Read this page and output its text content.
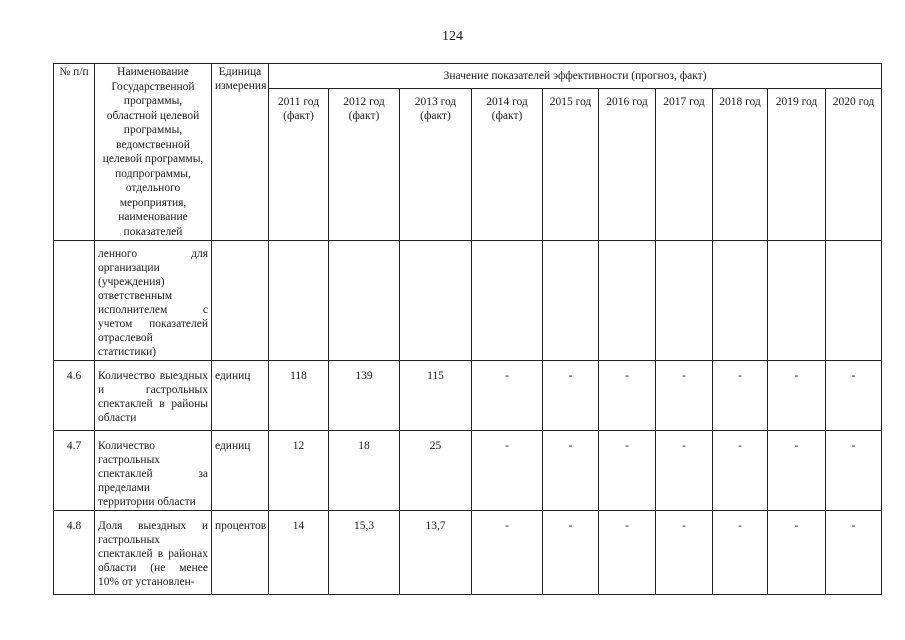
124
№ п/п	Наименование Государственной программы, областной целевой программы, ведомственной целевой программы, подпрограммы, отдельного мероприятия, наименование показателей	Единица измерения	Значение показателей эффективности (прогноз, факт)									
			2011 год (факт)	2012 год (факт)	2013 год (факт)	2014 год (факт)	2015 год	2016 год	2017 год	2018 год	2019 год	2020 год
	ленного для организации (учреждения) ответственным исполнителем с учетом показателей отраслевой статистики)											
4.6	Количество выездных и гастрольных спектаклей в районы области	единиц	118	139	115	-	-	-	-	-	-	-
4.7	Количество гастрольных спектаклей за пределами территории области	единиц	12	18	25	-	-	-	-	-	-	-
4.8	Доля выездных и гастрольных спектаклей в районах области (не менее 10% от установлен-	процентов	14	15,3	13,7	-	-	-	-	-	-	-
